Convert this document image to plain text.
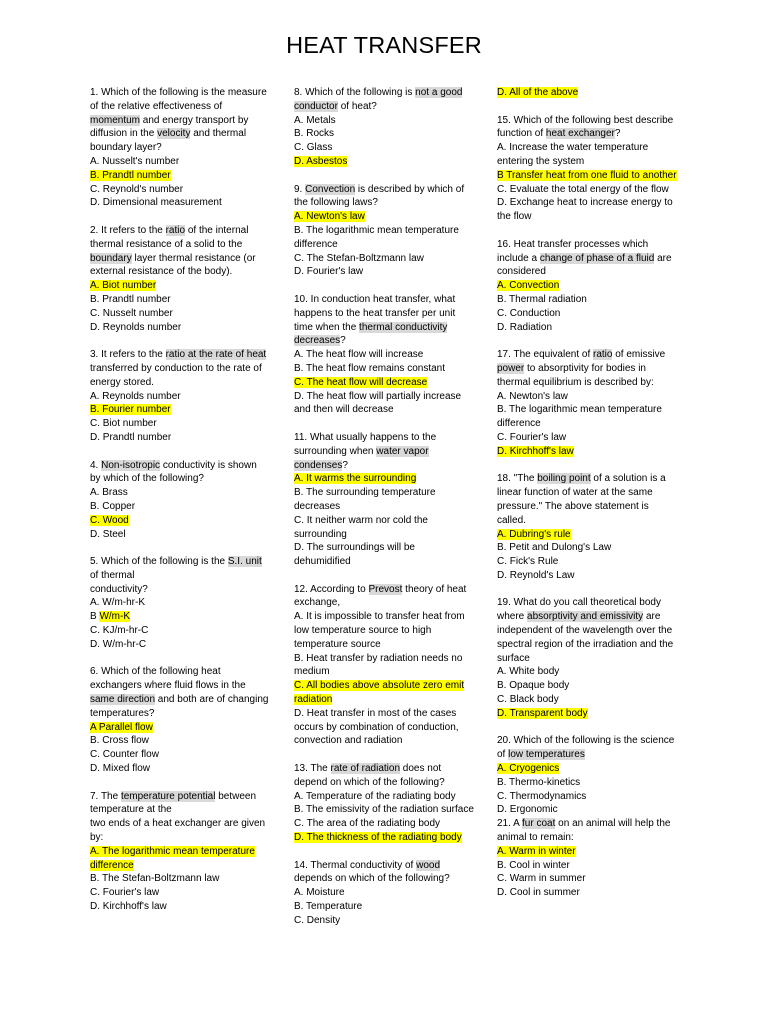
HEAT TRANSFER

1. Which of the following is the measure

of the relative effectiveness of

momentum and energy transport by

diffusion in the velocity and thermal

boundary layer?

A. Nusselt's number

B. Prandtl number

C. Reynold's number

D. Dimensional measurement

2. It refers to the ratio of the internal

thermal resistance of a solid to the

boundary layer thermal resistance (or

external resistance of the body).

A. Biot number

B. Prandtl number

C. Nusselt number

D. Reynolds number

3. It refers to the ratio at the rate of heat

transferred by conduction to the rate of

energy stored.

A. Reynolds number

B. Fourier number

C. Biot number

D. Prandtl number

4. Non-isotropic conductivity is shown

by which of the following?

A. Brass

B. Copper

C. Wood

D. Steel

5. Which of the following is the S.I. unit

of thermal

conductivity?

A. W/m-hr-K

B W/m-K

C. KJ/m-hr-C

D. W/m-hr-C

6. Which of the following heat

exchangers where fluid flows in the

same direction and both are of changing

temperatures?

A Parallel flow

B. Cross flow

C. Counter flow

D. Mixed flow

7. The temperature potential between

temperature at the

two ends of a heat exchanger are given

by:

A. The logarithmic mean temperature

difference

B. The Stefan-Boltzmann law

C. Fourier's law

D. Kirchhoff's law

8. Which of the following is not a good

conductor of heat?

A. Metals

B. Rocks

C. Glass

D. Asbestos

9. Convection is described by which of

the following laws?

A. Newton's law

B. The logarithmic mean temperature

difference

C. The Stefan-Boltzmann law

D. Fourier's law

10. In conduction heat transfer, what

happens to the heat transfer per unit

time when the thermal conductivity

decreases?

A. The heat flow will increase

B. The heat flow remains constant

C. The heat flow will decrease

D. The heat flow will partially increase

and then will decrease

11. What usually happens to the

surrounding when water vapor

condenses?

A. It warms the surrounding

B. The surrounding temperature

decreases

C. It neither warm nor cold the

surrounding

D. The surroundings will be

dehumidified

12. According to Prevost theory of heat

exchange,

A. It is impossible to transfer heat from

low temperature source to high

temperature source

B. Heat transfer by radiation needs no

medium

C. All bodies above absolute zero emit

radiation

D. Heat transfer in most of the cases

occurs by combination of conduction,

convection and radiation

13. The rate of radiation does not

depend on which of the following?

A. Temperature of the radiating body

B. The emissivity of the radiation surface

C. The area of the radiating body

D. The thickness of the radiating body

14. Thermal conductivity of wood

depends on which of the following?

A. Moisture

B. Temperature

C. Density

D. All of the above

15. Which of the following best describe

function of heat exchanger?

A. Increase the water temperature

entering the system

B Transfer heat from one fluid to another

C. Evaluate the total energy of the flow

D. Exchange heat to increase energy to

the flow

16. Heat transfer processes which

include a change of phase of a fluid are

considered

A. Convection

B. Thermal radiation

C. Conduction

D. Radiation

17. The equivalent of ratio of emissive

power to absorptivity for bodies in

thermal equilibrium is described by:

A. Newton's law

B. The logarithmic mean temperature

difference

C. Fourier's law

D. Kirchhoff's law

18. "The boiling point of a solution is a

linear function of water at the same

pressure." The above statement is

called.

A. Dubring's rule

B. Petit and Dulong's Law

C. Fick's Rule

D. Reynold's Law

19. What do you call theoretical body

where absorptivity and emissivity are

independent of the wavelength over the

spectral region of the irradiation and the

surface

A. White body

B. Opaque body

C. Black body

D. Transparent body

20. Which of the following is the science

of low temperatures

A. Cryogenics

B. Thermo-kinetics

C. Thermodynamics

D. Ergonomic

21. A fur coat on an animal will help the

animal to remain:

A. Warm in winter

B. Cool in winter

C. Warm in summer

D. Cool in summer
